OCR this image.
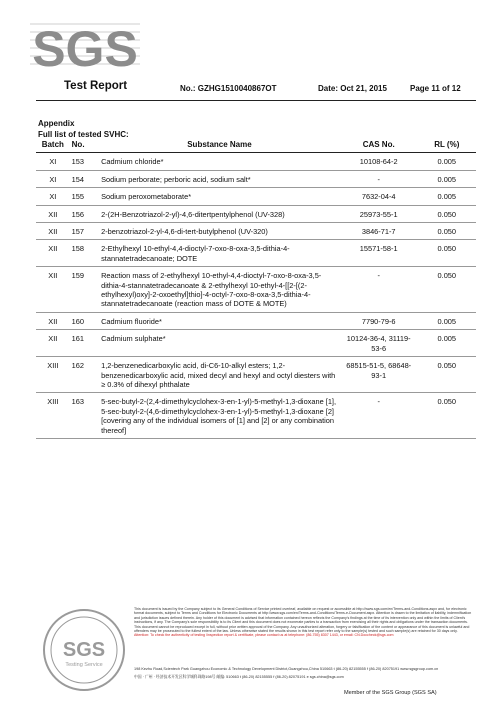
SGS
Test Report	No.: GZHG1510040867OT	Date: Oct 21, 2015	Page 11 of 12
Appendix
Full list of tested SVHC:
Batch	No.	Substance Name	CAS No.	RL (%)
XI	153	Cadmium chloride*	10108-64-2	0.005
XI	154	Sodium perborate; perboric acid, sodium salt*	-	0.005
XI	155	Sodium peroxometaborate*	7632-04-4	0.005
XII	156	2-(2H-Benzotriazol-2-yl)-4,6-ditertpentylphenol (UV-328)	25973-55-1	0.050
XII	157	2-benzotriazol-2-yl-4,6-di-tert-butylphenol (UV-320)	3846-71-7	0.050
XII	158	2-Ethylhexyl 10-ethyl-4,4-dioctyl-7-oxo-8-oxa-3,5-dithia-4-stannatetradecanoate; DOTE	15571-58-1	0.050
XII	159	Reaction mass of 2-ethylhexyl 10-ethyl-4,4-dioctyl-7-oxo-8-oxa-3,5-dithia-4-stannatetradecanoate & 2-ethylhexyl 10-ethyl-4-[[2-[(2-ethylhexyl)oxy]-2-oxoethyl]thio]-4-octyl-7-oxo-8-oxa-3,5-dithia-4-stannatetradecanoate (reaction mass of DOTE & MOTE)	-	0.050
XII	160	Cadmium fluoride*	7790-79-6	0.005
XII	161	Cadmium sulphate*	10124-36-4, 31119-53-6	0.005
XIII	162	1,2-benzenedicarboxylic acid, di-C6-10-alkyl esters; 1,2-benzenedicarboxylic acid, mixed decyl and hexyl and octyl diesters with ≥ 0.3% of dihexyl phthalate	68515-51-5, 68648-93-1	0.050
XIII	163	5-sec-butyl-2-(2,4-dimethylcyclohex-3-en-1-yl)-5-methyl-1,3-dioxane [1], 5-sec-butyl-2-(4,6-dimethylcyclohex-3-en-1-yl)-5-methyl-1,3-dioxane [2] [covering any of the individual isomers of [1] and [2] or any combination thereof]	-	0.050
SGS
Testing Service
This document is issued by the Company subject to its General Conditions of Service printed overleaf, available on request or accessible at http://www.sgs.com/en/Terms-and-Conditions.aspx and, for electronic format documents, subject to Terms and Conditions for Electronic Documents at http://www.sgs.com/en/Terms-and-Conditions/Terms-e-Document.aspx. Attention is drawn to the limitation of liability, indemnification and jurisdiction issues defined therein. Any holder of this document is advised that information contained hereon reflects the Company's findings at the time of its intervention only and within the limits of Client's instructions, if any. The Company's sole responsibility is to its Client and this document does not exonerate parties to a transaction from exercising all their rights and obligations under the transaction documents. This document cannot be reproduced except in full, without prior written approval of the Company. Any unauthorized alteration, forgery or falsification of the content or appearance of this document is unlawful and offenders may be prosecuted to the fullest extent of the law. Unless otherwise stated the results shown in this test report refer only to the sample(s) tested and such sample(s) are retained for 30 days only.
Attention: To check the authenticity of testing /inspection report & certificate, please contact us at telephone: (86-755) 8307 1443, or email: CN.Doccheck@sgs.com
198 Kezhu Road,Scientech Park Guangzhou Economic & Technology Development District,Guangzhou,China 510663 t (86-20) 82155555 f (86-20) 82075191 www.sgsgroup.com.cn
中国 · 广州 · 经济技术开发区科学城科珠路198号 邮编: 510663 t (86-20) 82155555 f (86-20) 82075191 e sgs.china@sgs.com
Member of the SGS Group (SGS SA)
